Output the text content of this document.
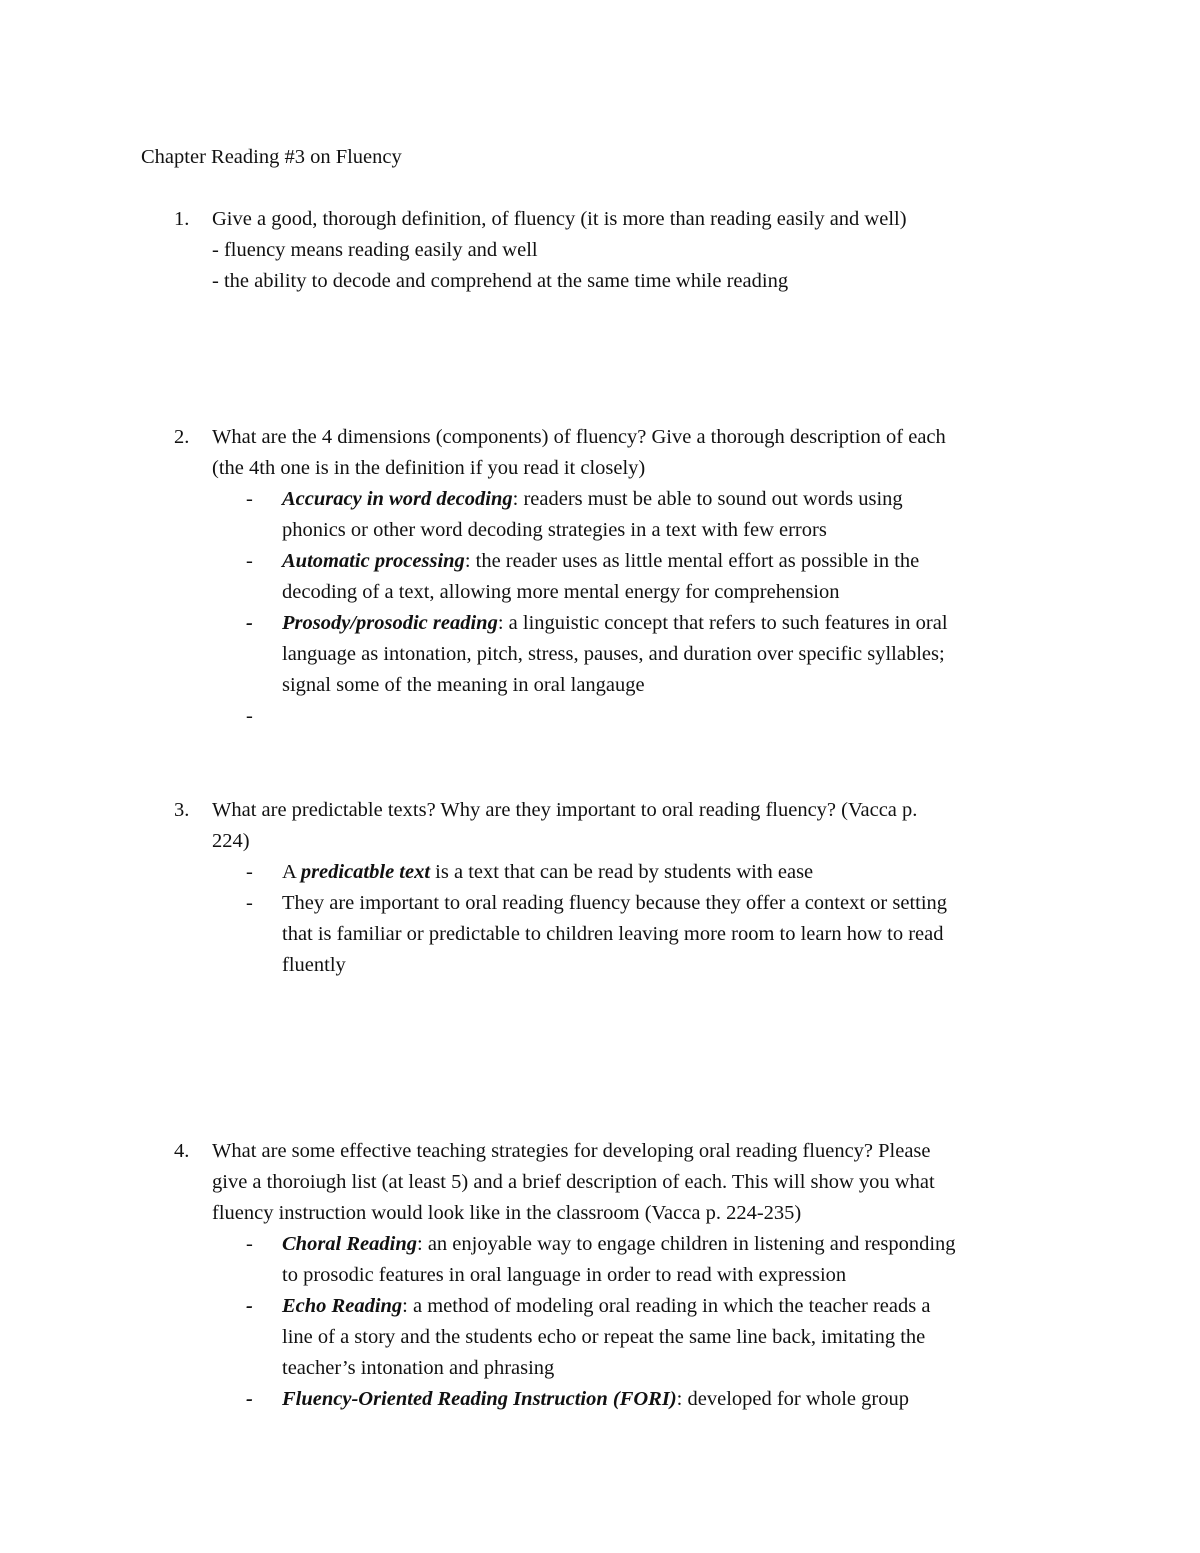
Chapter Reading #3 on Fluency
1. Give a good, thorough definition, of fluency (it is more than reading easily and well)
- fluency means reading easily and well
- the ability to decode and comprehend at the same time while reading
2. What are the 4 dimensions (components) of fluency? Give a thorough description of each
(the 4th one is in the definition if you read it closely)
- Accuracy in word decoding: readers must be able to sound out words using
phonics or other word decoding strategies in a text with few errors
- Automatic processing: the reader uses as little mental effort as possible in the
decoding of a text, allowing more mental energy for comprehension
- Prosody/prosodic reading: a linguistic concept that refers to such features in oral
language as intonation, pitch, stress, pauses, and duration over specific syllables;
signal some of the meaning in oral langauge
-
3. What are predictable texts? Why are they important to oral reading fluency? (Vacca p.
224)
- A predicatble text is a text that can be read by students with ease
- They are important to oral reading fluency because they offer a context or setting
that is familiar or predictable to children leaving more room to learn how to read
fluently
4. What are some effective teaching strategies for developing oral reading fluency? Please
give a thoroiugh list (at least 5) and a brief description of each. This will show you what
fluency instruction would look like in the classroom (Vacca p. 224-235)
- Choral Reading: an enjoyable way to engage children in listening and responding
to prosodic features in oral language in order to read with expression
- Echo Reading: a method of modeling oral reading in which the teacher reads a
line of a story and the students echo or repeat the same line back, imitating the
teacher’s intonation and phrasing
- Fluency-Oriented Reading Instruction (FORI): developed for whole group
